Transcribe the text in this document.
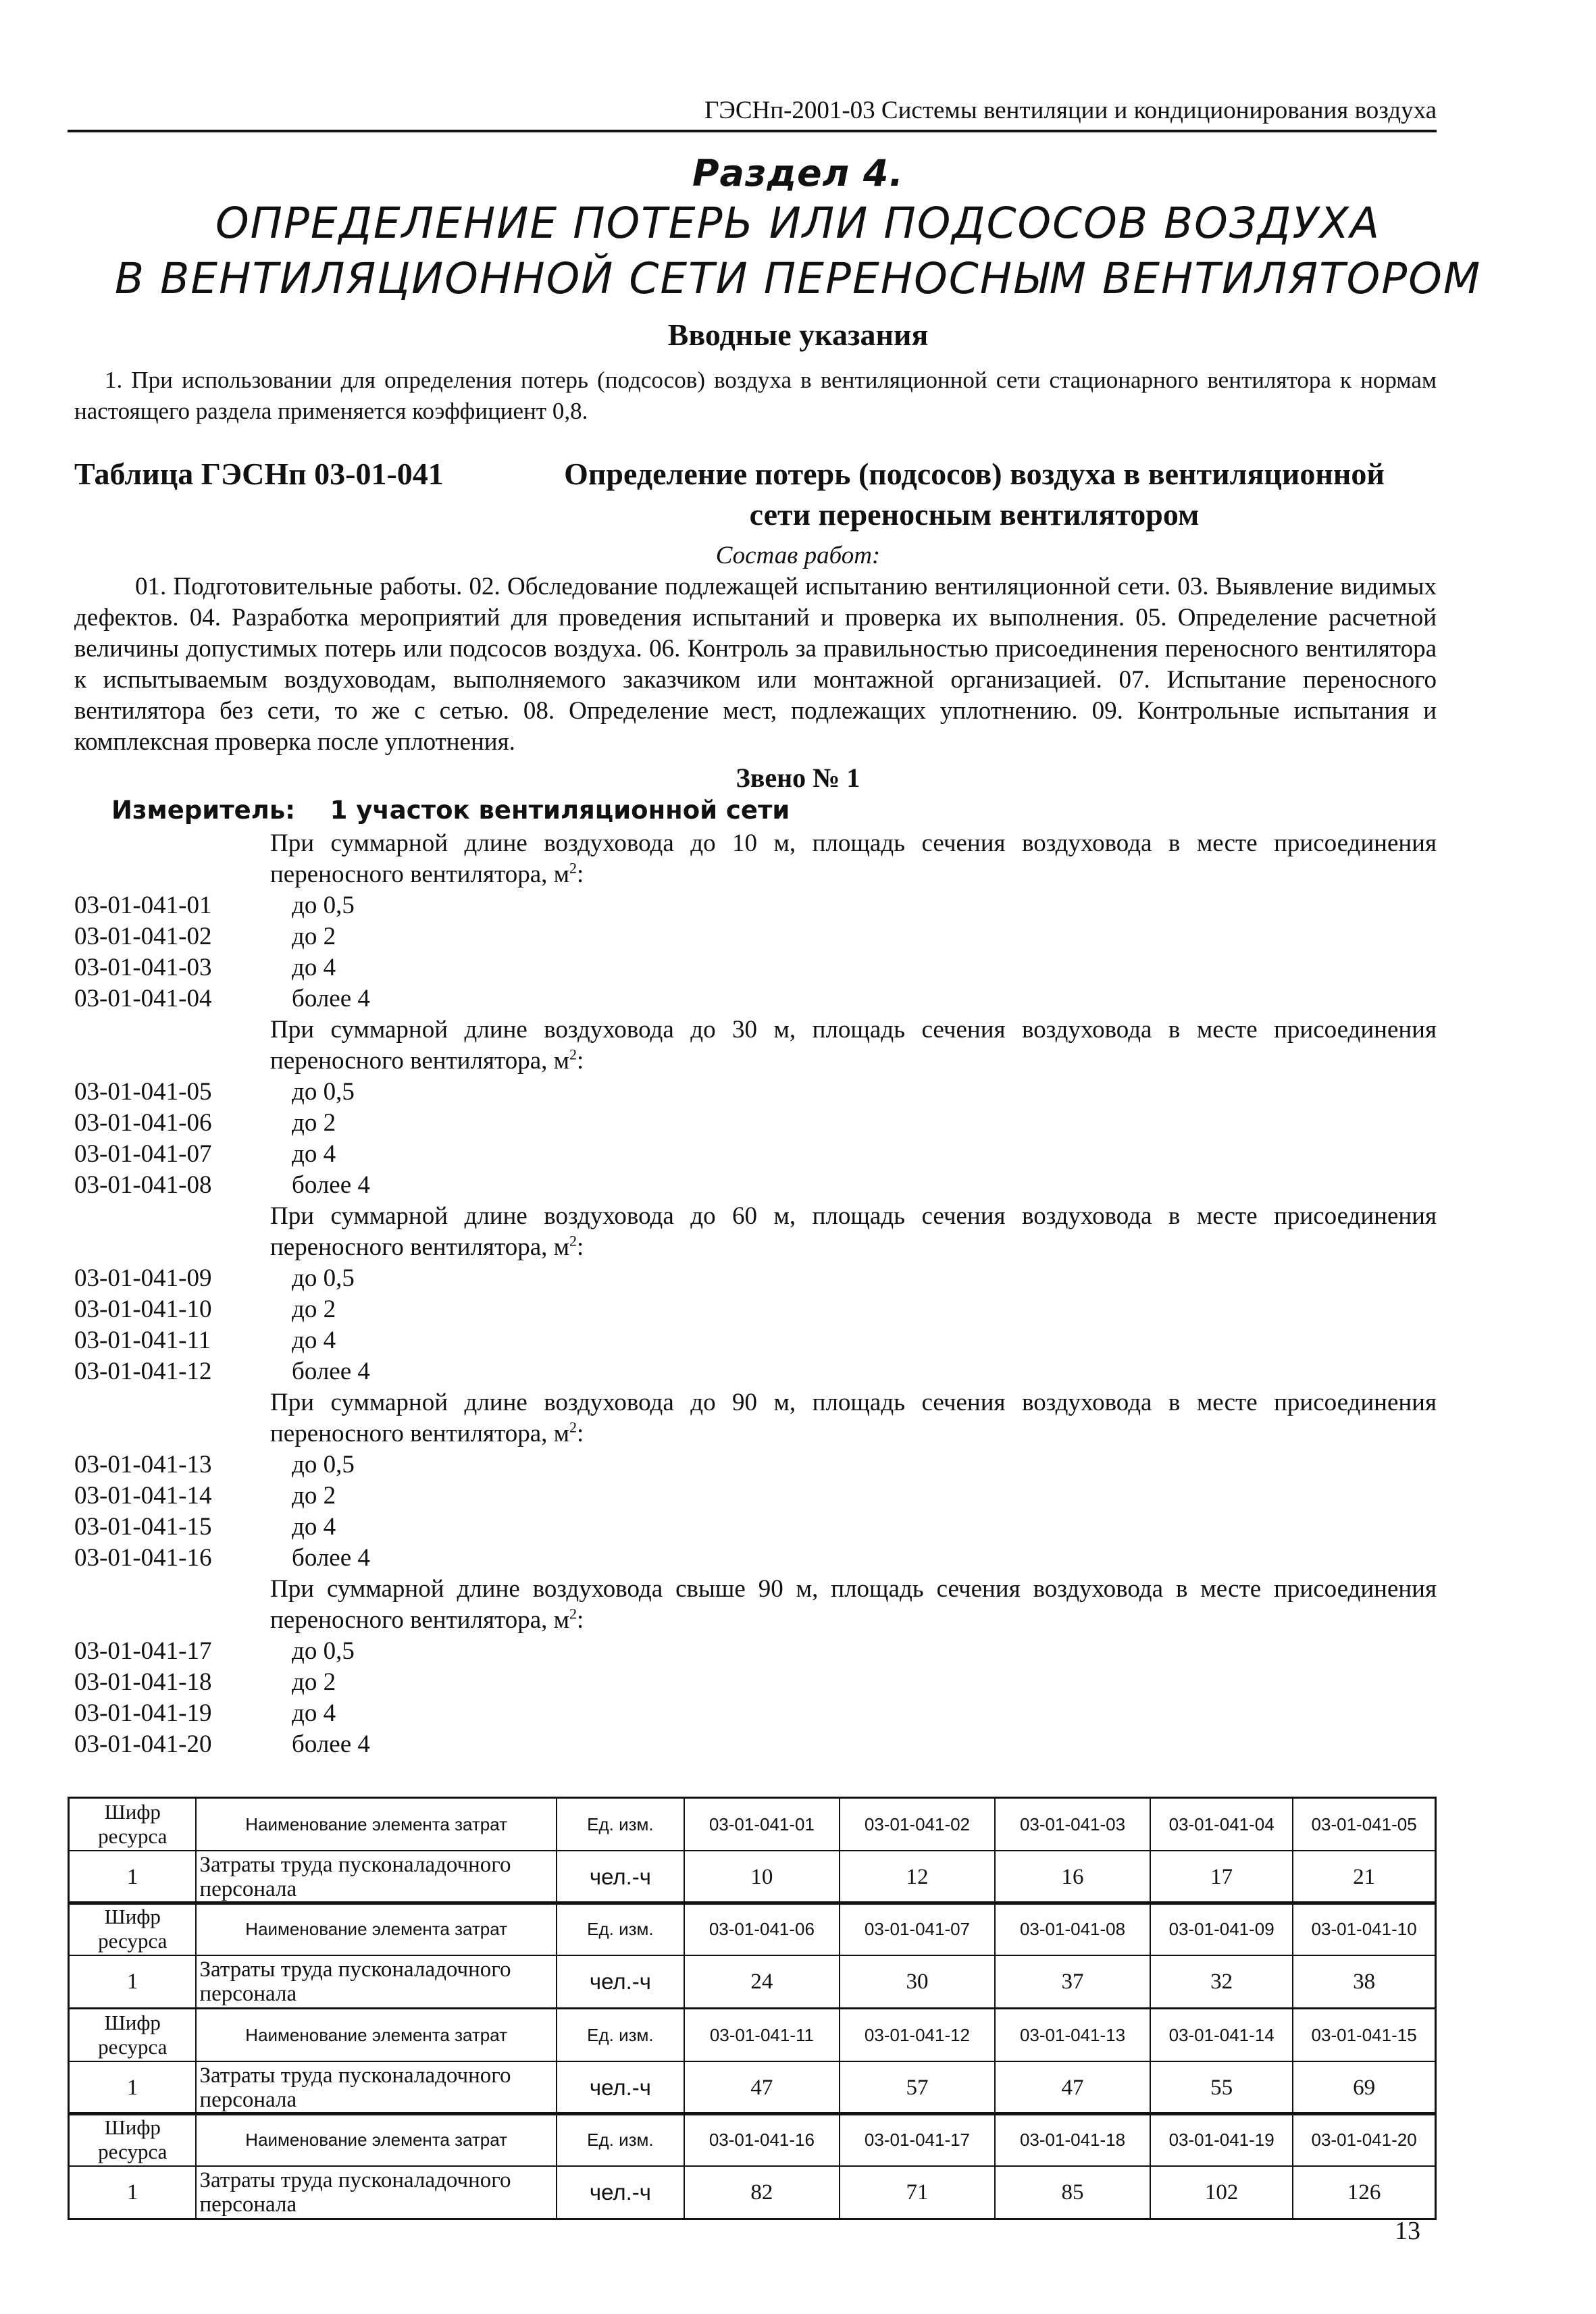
ГЭСНп-2001-03 Системы вентиляции и кондиционирования воздуха
Раздел 4.
ОПРЕДЕЛЕНИЕ ПОТЕРЬ ИЛИ ПОДСОСОВ ВОЗДУХА
В ВЕНТИЛЯЦИОННОЙ СЕТИ ПЕРЕНОСНЫМ ВЕНТИЛЯТОРОМ
Вводные указания
1. При использовании для определения потерь (подсосов) воздуха в вентиляционной сети стационарного вентилятора к нормам настоящего раздела применяется коэффициент 0,8.
Таблица ГЭСНп 03-01-041	Определение потерь (подсосов) воздуха в вентиляционной
сети переносным вентилятором
Состав работ:
01. Подготовительные работы. 02. Обследование подлежащей испытанию вентиляционной сети. 03. Выявление видимых дефектов. 04. Разработка мероприятий для проведения испытаний и проверка их выполнения. 05. Определение расчетной величины допустимых потерь или подсосов воздуха. 06. Контроль за правильностью присоединения переносного вентилятора к испытываемым воздуховодам, выполняемого заказчиком или монтажной организацией. 07. Испытание переносного вентилятора без сети, то же с сетью. 08. Определение мест, подлежащих уплотнению. 09. Контрольные испытания и комплексная проверка после уплотнения.
Звено № 1
Измеритель: 1 участок вентиляционной сети
При суммарной длине воздуховода до 10 м, площадь сечения воздуховода в месте присоединения переносного вентилятора, $м^2$:
03-01-041-01	до 0,5
03-01-041-02	до 2
03-01-041-03	до 4
03-01-041-04	более 4
При суммарной длине воздуховода до 30 м, площадь сечения воздуховода в месте присоединения переносного вентилятора, $м^2$:
03-01-041-05	до 0,5
03-01-041-06	до 2
03-01-041-07	до 4
03-01-041-08	более 4
При суммарной длине воздуховода до 60 м, площадь сечения воздуховода в месте присоединения переносного вентилятора, $м^2$:
03-01-041-09	до 0,5
03-01-041-10	до 2
03-01-041-11	до 4
03-01-041-12	более 4
При суммарной длине воздуховода до 90 м, площадь сечения воздуховода в месте присоединения переносного вентилятора, $м^2$:
03-01-041-13	до 0,5
03-01-041-14	до 2
03-01-041-15	до 4
03-01-041-16	более 4
При суммарной длине воздуховода свыше 90 м, площадь сечения воздуховода в месте присоединения переносного вентилятора, $м^2$:
03-01-041-17	до 0,5
03-01-041-18	до 2
03-01-041-19	до 4
03-01-041-20	более 4
Шифр ресурса	Наименование элемента затрат	Ед. изм.	03-01-041-01	03-01-041-02	03-01-041-03	03-01-041-04	03-01-041-05
1	Затраты труда пусконаладочного персонала	чел.-ч	10	12	16	17	21
Шифр ресурса	Наименование элемента затрат	Ед. изм.	03-01-041-06	03-01-041-07	03-01-041-08	03-01-041-09	03-01-041-10
1	Затраты труда пусконаладочного персонала	чел.-ч	24	30	37	32	38
Шифр ресурса	Наименование элемента затрат	Ед. изм.	03-01-041-11	03-01-041-12	03-01-041-13	03-01-041-14	03-01-041-15
1	Затраты труда пусконаладочного персонала	чел.-ч	47	57	47	55	69
Шифр ресурса	Наименование элемента затрат	Ед. изм.	03-01-041-16	03-01-041-17	03-01-041-18	03-01-041-19	03-01-041-20
1	Затраты труда пусконаладочного персонала	чел.-ч	82	71	85	102	126
13
